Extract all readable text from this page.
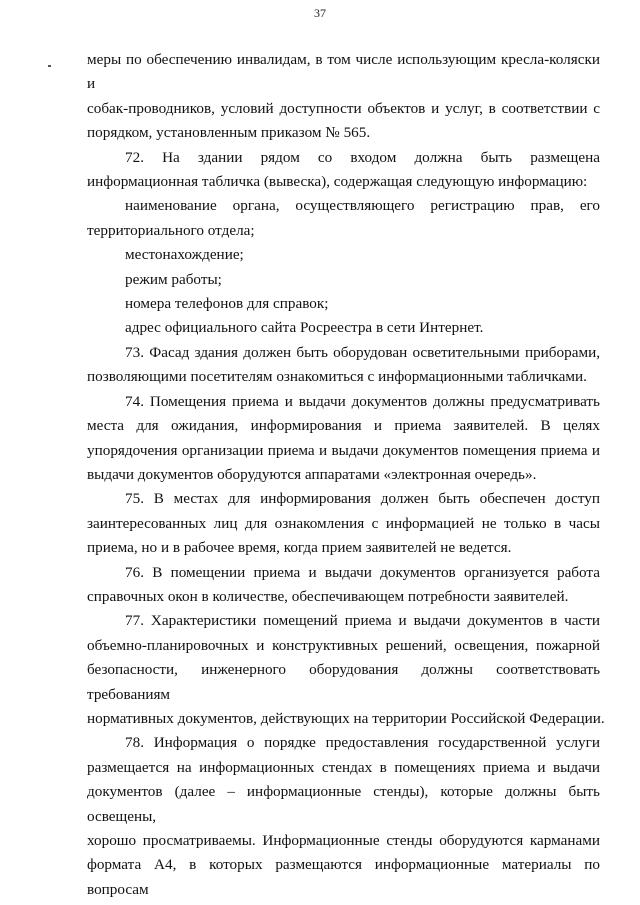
37
меры по обеспечению инвалидам, в том числе использующим кресла-коляски и
собак-проводников, условий доступности объектов и услуг, в соответствии с
порядком, установленным приказом № 565.
72. На здании рядом со входом должна быть размещена
информационная табличка (вывеска), содержащая следующую информацию:
наименование органа, осуществляющего регистрацию прав, его
территориального отдела;
местонахождение;
режим работы;
номера телефонов для справок;
адрес официального сайта Росреестра в сети Интернет.
73. Фасад здания должен быть оборудован осветительными приборами,
позволяющими посетителям ознакомиться с информационными табличками.
74. Помещения приема и выдачи документов должны предусматривать
места для ожидания, информирования и приема заявителей. В целях
упорядочения организации приема и выдачи документов помещения приема и
выдачи документов оборудуются аппаратами «электронная очередь».
75. В местах для информирования должен быть обеспечен доступ
заинтересованных лиц для ознакомления с информацией не только в часы
приема, но и в рабочее время, когда прием заявителей не ведется.
76. В помещении приема и выдачи документов организуется работа
справочных окон в количестве, обеспечивающем потребности заявителей.
77. Характеристики помещений приема и выдачи документов в части
объемно-планировочных и конструктивных решений, освещения, пожарной
безопасности, инженерного оборудования должны соответствовать требованиям
нормативных документов, действующих на территории Российской Федерации.
78. Информация о порядке предоставления государственной услуги
размещается на информационных стендах в помещениях приема и выдачи
документов (далее – информационные стенды), которые должны быть освещены,
хорошо просматриваемы. Информационные стенды оборудуются карманами
формата А4, в которых размещаются информационные материалы по вопросам
